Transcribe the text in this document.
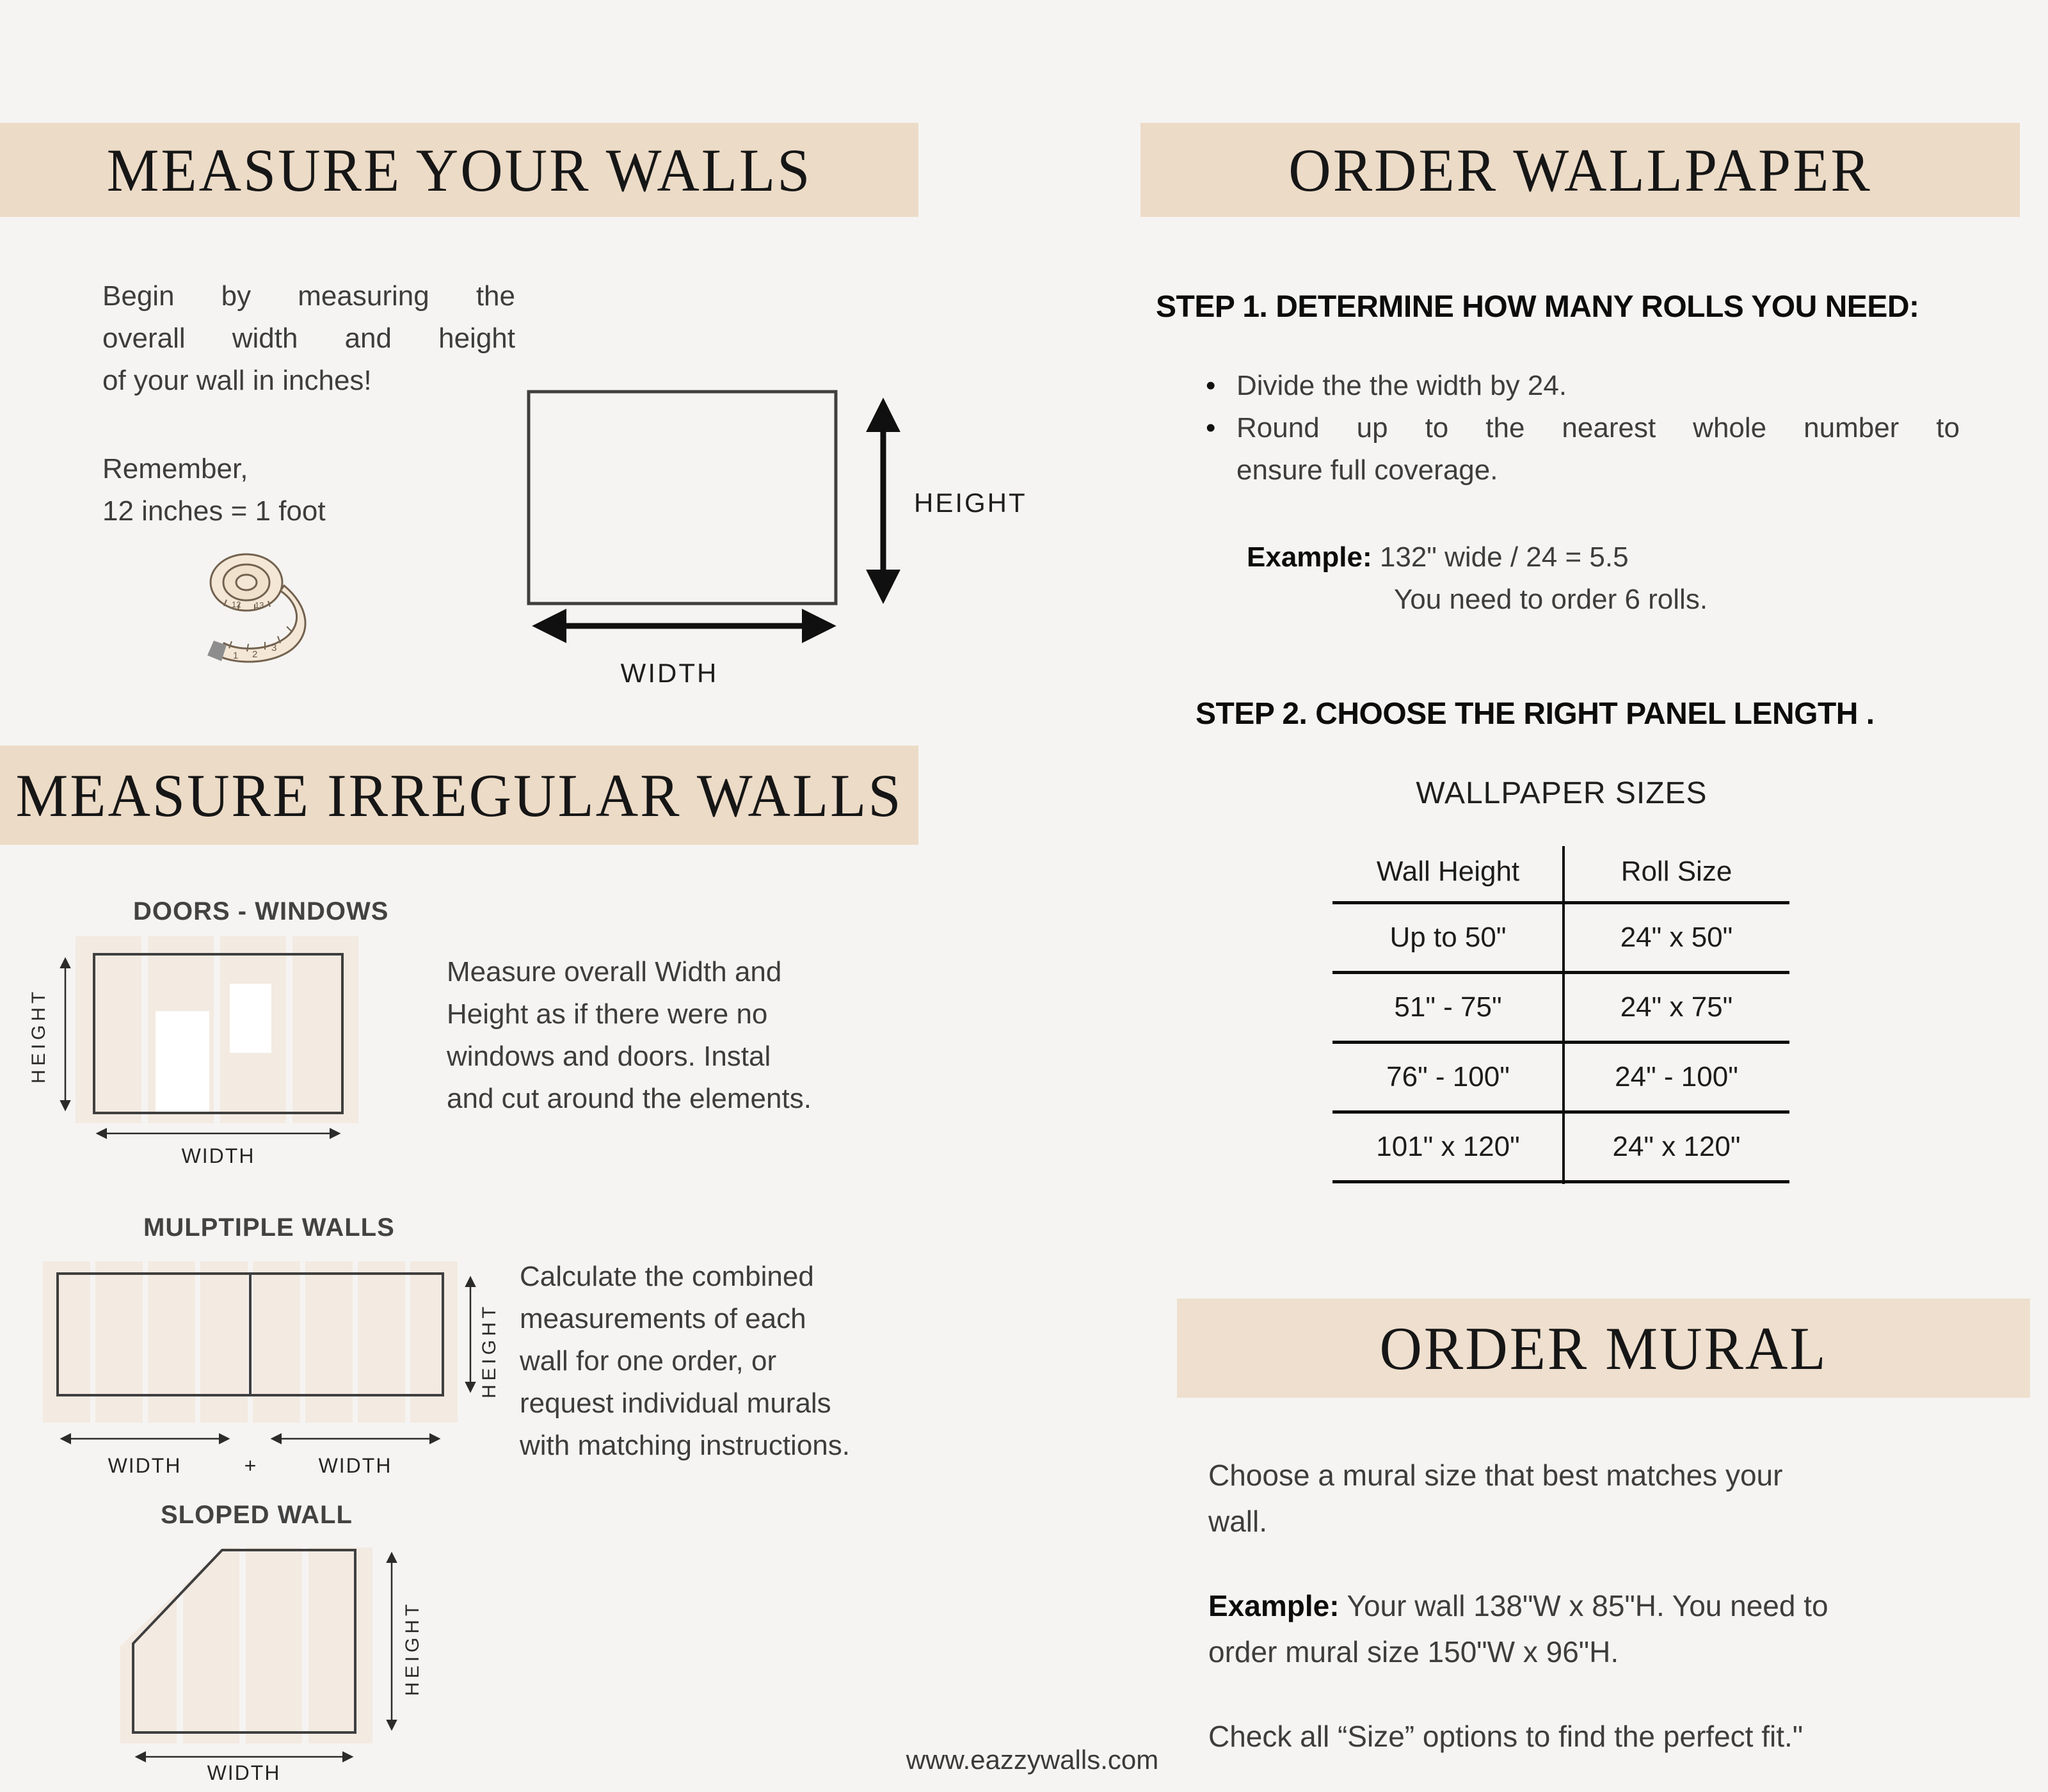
MEASURE YOUR WALLS
Begin by measuring the
overall width and height
of your wall in inches!
Remember,
12 inches = 1 foot
1 2
3
12 13
HEIGHT
WIDTH
MEASURE IRREGULAR WALLS
DOORS - WINDOWS
HEIGHT
WIDTH
Measure overall Width and
Height as if there were no
windows and doors. Instal
and cut around the elements.
MULPTIPLE WALLS
HEIGHT
WIDTH	+	WIDTH
Calculate the combined
measurements of each
wall for one order, or
request individual murals
with matching instructions.
SLOPED WALL
HEIGHT
WIDTH
ORDER WALLPAPER
STEP 1. DETERMINE HOW MANY ROLLS YOU NEED:
• Divide the the width by 24.
• Round up to the nearest whole number to
ensure full coverage.
Example: 132" wide / 24 = 5.5
You need to order 6 rolls.
STEP 2. CHOOSE THE RIGHT PANEL LENGTH .
WALLPAPER SIZES
Wall Height	Roll Size
Up to 50"	24" x 50"
51" - 75"	24" x 75"
76" - 100"	24" - 100"
101" x 120"	24" x 120"
ORDER MURAL
Choose a mural size that best matches your
wall.
Example: Your wall 138"W x 85"H. You need to
order mural size 150"W x 96"H.
Check all “Size” options to find the perfect fit."
www.eazzywalls.com
